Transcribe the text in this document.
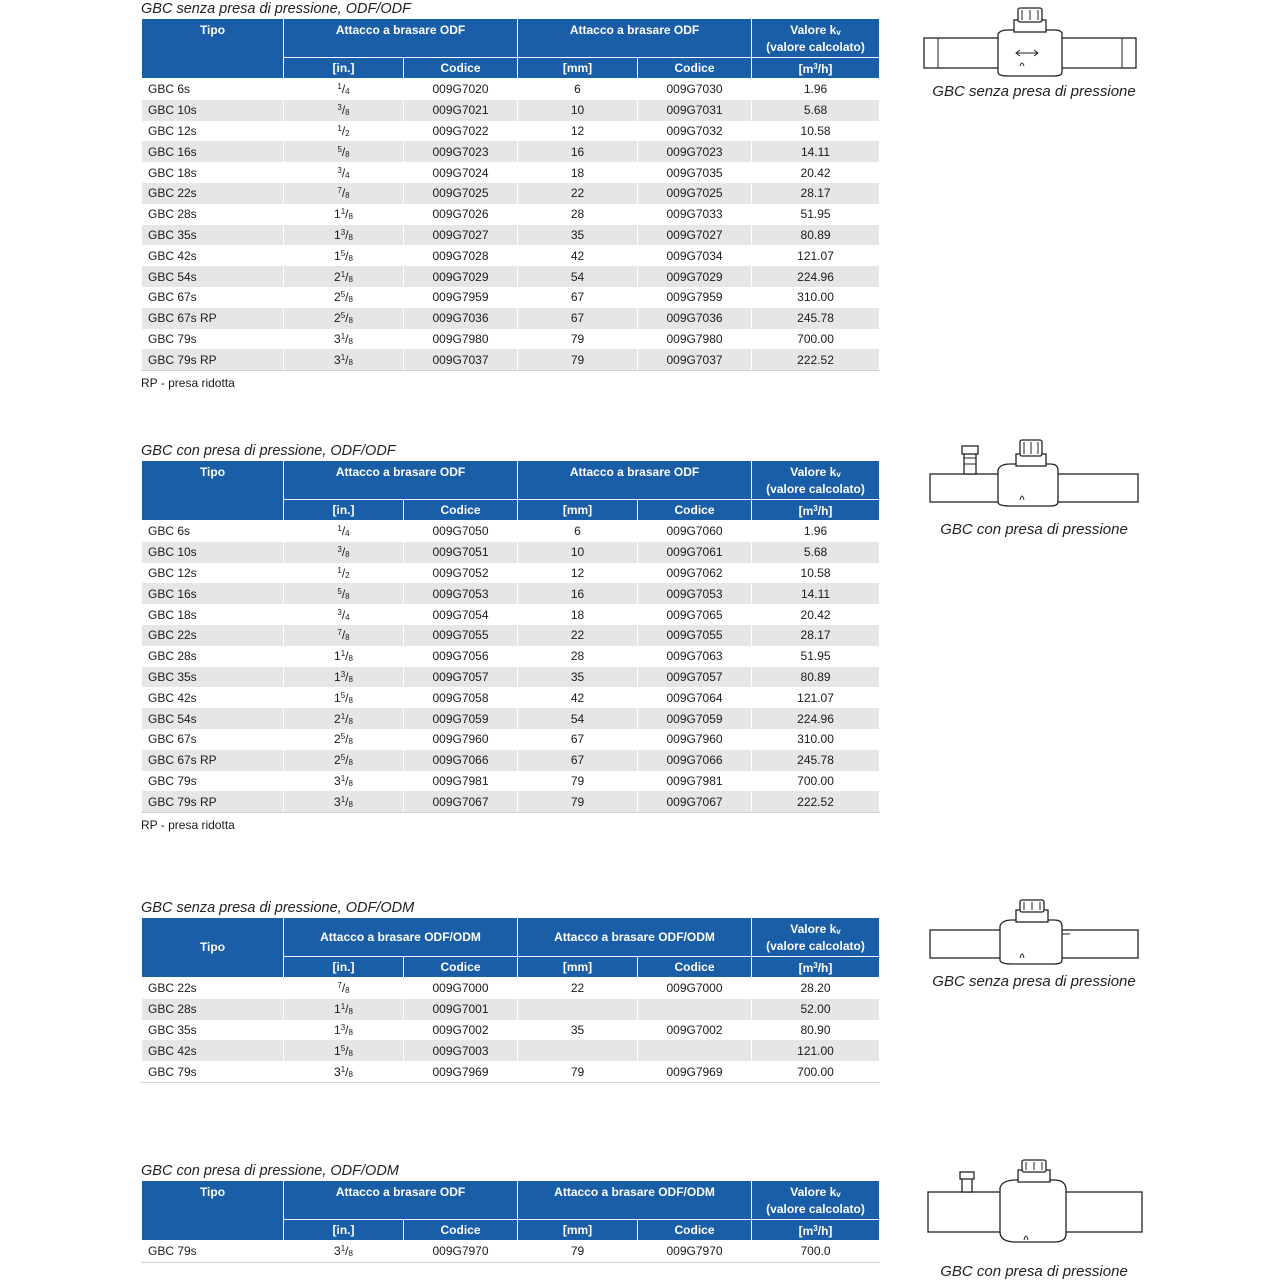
GBC senza presa di pressione, ODF/ODF
Tipo	Attacco a brasare ODF		Attacco a brasare ODF		Valore $k_v$
(valore calcolato)
	[in.]	Codice	[mm]	Codice	$[m^3/h]$
GBC 6s	$^1/_4$	009G7020	6	009G7030	1.96
GBC 10s	$^3/_8$	009G7021	10	009G7031	5.68
GBC 12s	$^1/_2$	009G7022	12	009G7032	10.58
GBC 16s	$^5/_8$	009G7023	16	009G7023	14.11
GBC 18s	$^3/_4$	009G7024	18	009G7035	20.42
GBC 22s	$^7/_8$	009G7025	22	009G7025	28.17
GBC 28s	$1^1/_8$	009G7026	28	009G7033	51.95
GBC 35s	$1^3/_8$	009G7027	35	009G7027	80.89
GBC 42s	$1^5/_8$	009G7028	42	009G7034	121.07
GBC 54s	$2^1/_8$	009G7029	54	009G7029	224.96
GBC 67s	$2^5/_8$	009G7959	67	009G7959	310.00
GBC 67s RP	$2^5/_8$	009G7036	67	009G7036	245.78
GBC 79s	$3^1/_8$	009G7980	79	009G7980	700.00
GBC 79s RP	$3^1/_8$	009G7037	79	009G7037	222.52
RP - presa ridotta
GBC con presa di pressione, ODF/ODF
Tipo	Attacco a brasare ODF		Attacco a brasare ODF		Valore $k_v$
(valore calcolato)
	[in.]	Codice	[mm]	Codice	$[m^3/h]$
GBC 6s	$^1/_4$	009G7050	6	009G7060	1.96
GBC 10s	$^3/_8$	009G7051	10	009G7061	5.68
GBC 12s	$^1/_2$	009G7052	12	009G7062	10.58
GBC 16s	$^5/_8$	009G7053	16	009G7053	14.11
GBC 18s	$^3/_4$	009G7054	18	009G7065	20.42
GBC 22s	$^7/_8$	009G7055	22	009G7055	28.17
GBC 28s	$1^1/_8$	009G7056	28	009G7063	51.95
GBC 35s	$1^3/_8$	009G7057	35	009G7057	80.89
GBC 42s	$1^5/_8$	009G7058	42	009G7064	121.07
GBC 54s	$2^1/_8$	009G7059	54	009G7059	224.96
GBC 67s	$2^5/_8$	009G7960	67	009G7960	310.00
GBC 67s RP	$2^5/_8$	009G7066	67	009G7066	245.78
GBC 79s	$3^1/_8$	009G7981	79	009G7981	700.00
GBC 79s RP	$3^1/_8$	009G7067	79	009G7067	222.52
RP - presa ridotta
GBC senza presa di pressione, ODF/ODM
Tipo	Attacco a brasare ODF/ODM		Attacco a brasare ODF/ODM		Valore $k_v$
(valore calcolato)
	[in.]	Codice	[mm]	Codice	$[m^3/h]$
GBC 22s	$^7/_8$	009G7000	22	009G7000	28.20
GBC 28s	$1^1/_8$	009G7001			52.00
GBC 35s	$1^3/_8$	009G7002	35	009G7002	80.90
GBC 42s	$1^5/_8$	009G7003			121.00
GBC 79s	$3^1/_8$	009G7969	79	009G7969	700.00
GBC con presa di pressione, ODF/ODM
Tipo	Attacco a brasare ODF		Attacco a brasare ODF/ODM		Valore $k_v$
(valore calcolato)
	[in.]	Codice	[mm]	Codice	$[m^3/h]$
GBC 79s	$3^1/_8$	009G7970	79	009G7970	700.0
GBC senza presa di pressione
GBC con presa di pressione
GBC senza presa di pressione
GBC con presa di pressione
